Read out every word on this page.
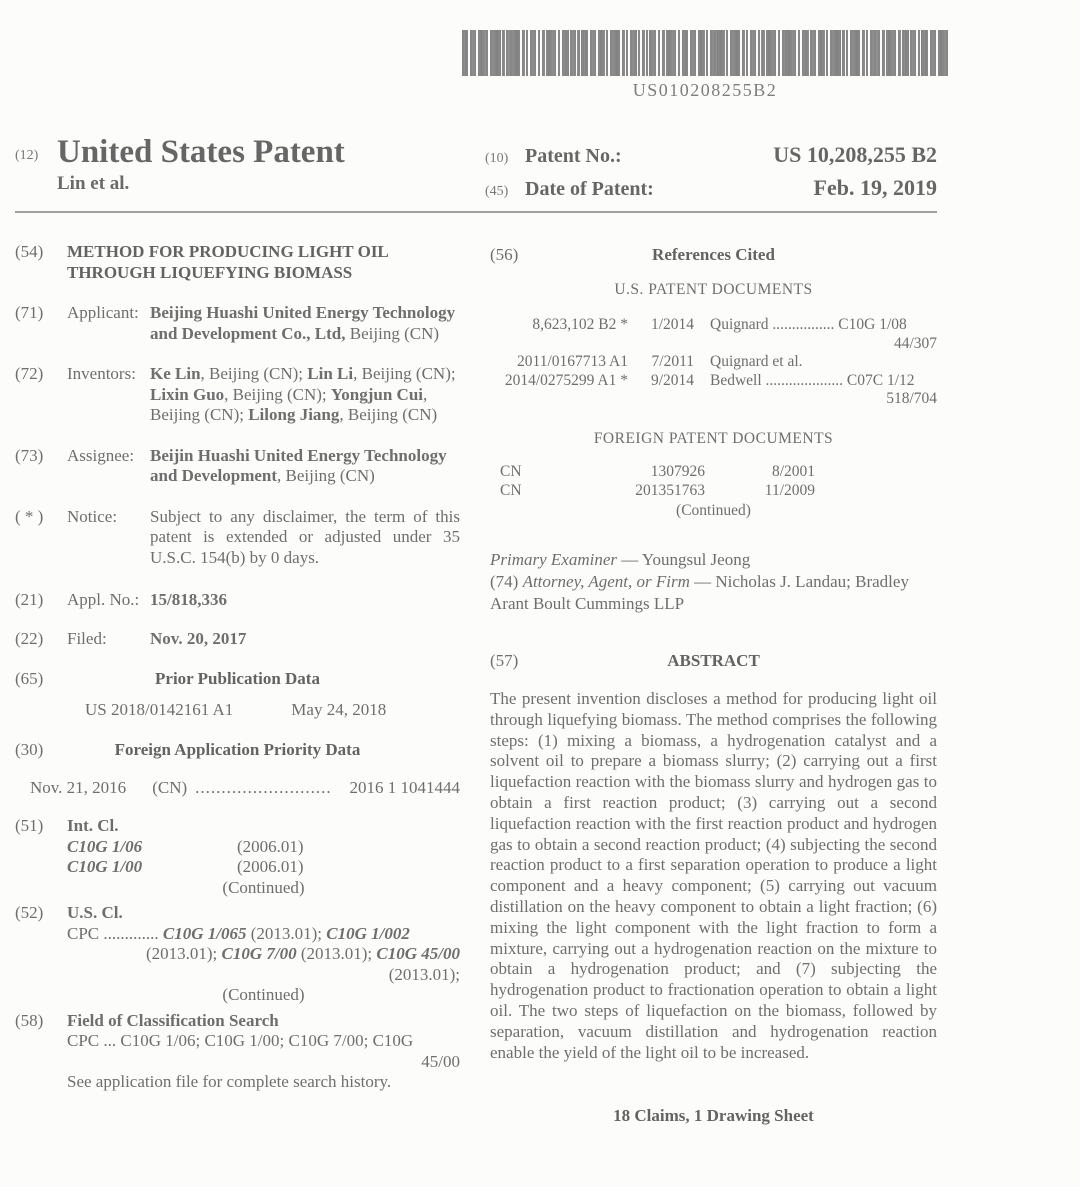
US010208255B2
(12) United States Patent
Lin et al.
(10) Patent No.:	US 10,208,255 B2
(45) Date of Patent:	Feb. 19, 2019
(54)	METHOD FOR PRODUCING LIGHT OIL THROUGH LIQUEFYING BIOMASS
(71)	Applicant: Beijing Huashi United Energy Technology and Development Co., Ltd, Beijing (CN)
(72)	Inventors: Ke Lin, Beijing (CN); Lin Li, Beijing (CN); Lixin Guo, Beijing (CN); Yongjun Cui, Beijing (CN); Lilong Jiang, Beijing (CN)
(73)	Assignee: Beijin Huashi United Energy Technology and Development, Beijing (CN)
( * )	Notice:	Subject to any disclaimer, the term of this patent is extended or adjusted under 35 U.S.C. 154(b) by 0 days.
(21)	Appl. No.: 15/818,336
(22)	Filed:	Nov. 20, 2017
(65)	Prior Publication Data
US 2018/0142161 A1	May 24, 2018
(30)	Foreign Application Priority Data
Nov. 21, 2016 (CN) ..........................	2016 1 1041444
(51)	Int. Cl.
C10G 1/06	(2006.01)
C10G 1/00	(2006.01)
(Continued)
(52)	U.S. Cl.
CPC ............. C10G 1/065 (2013.01); C10G 1/002
(2013.01); C10G 7/00 (2013.01); C10G 45/00
(2013.01);
(Continued)
(58)	Field of Classification Search
CPC ... C10G 1/06; C10G 1/00; C10G 7/00; C10G
45/00
See application file for complete search history.
(56)	References Cited
U.S. PATENT DOCUMENTS
8,623,102 B2 *	1/2014	Quignard ................ C10G 1/08
44/307
2011/0167713 A1	7/2011	Quignard et al.
2014/0275299 A1 *	9/2014	Bedwell .................... C07C 1/12
518/704
FOREIGN PATENT DOCUMENTS
CN	1307926	8/2001
CN	201351763	11/2009
(Continued)
Primary Examiner — Youngsul Jeong
(74) Attorney, Agent, or Firm — Nicholas J. Landau; Bradley Arant Boult Cummings LLP
(57)	ABSTRACT
The present invention discloses a method for producing light oil through liquefying biomass. The method comprises the following steps: (1) mixing a biomass, a hydrogenation catalyst and a solvent oil to prepare a biomass slurry; (2) carrying out a first liquefaction reaction with the biomass slurry and hydrogen gas to obtain a first reaction product; (3) carrying out a second liquefaction reaction with the first reaction product and hydrogen gas to obtain a second reaction product; (4) subjecting the second reaction product to a first separation operation to produce a light component and a heavy component; (5) carrying out vacuum distillation on the heavy component to obtain a light fraction; (6) mixing the light component with the light fraction to form a mixture, carrying out a hydrogenation reaction on the mixture to obtain a hydrogenation product; and (7) subjecting the hydrogenation product to fractionation operation to obtain a light oil. The two steps of liquefaction on the biomass, followed by separation, vacuum distillation and hydrogenation reaction enable the yield of the light oil to be increased.
18 Claims, 1 Drawing Sheet
